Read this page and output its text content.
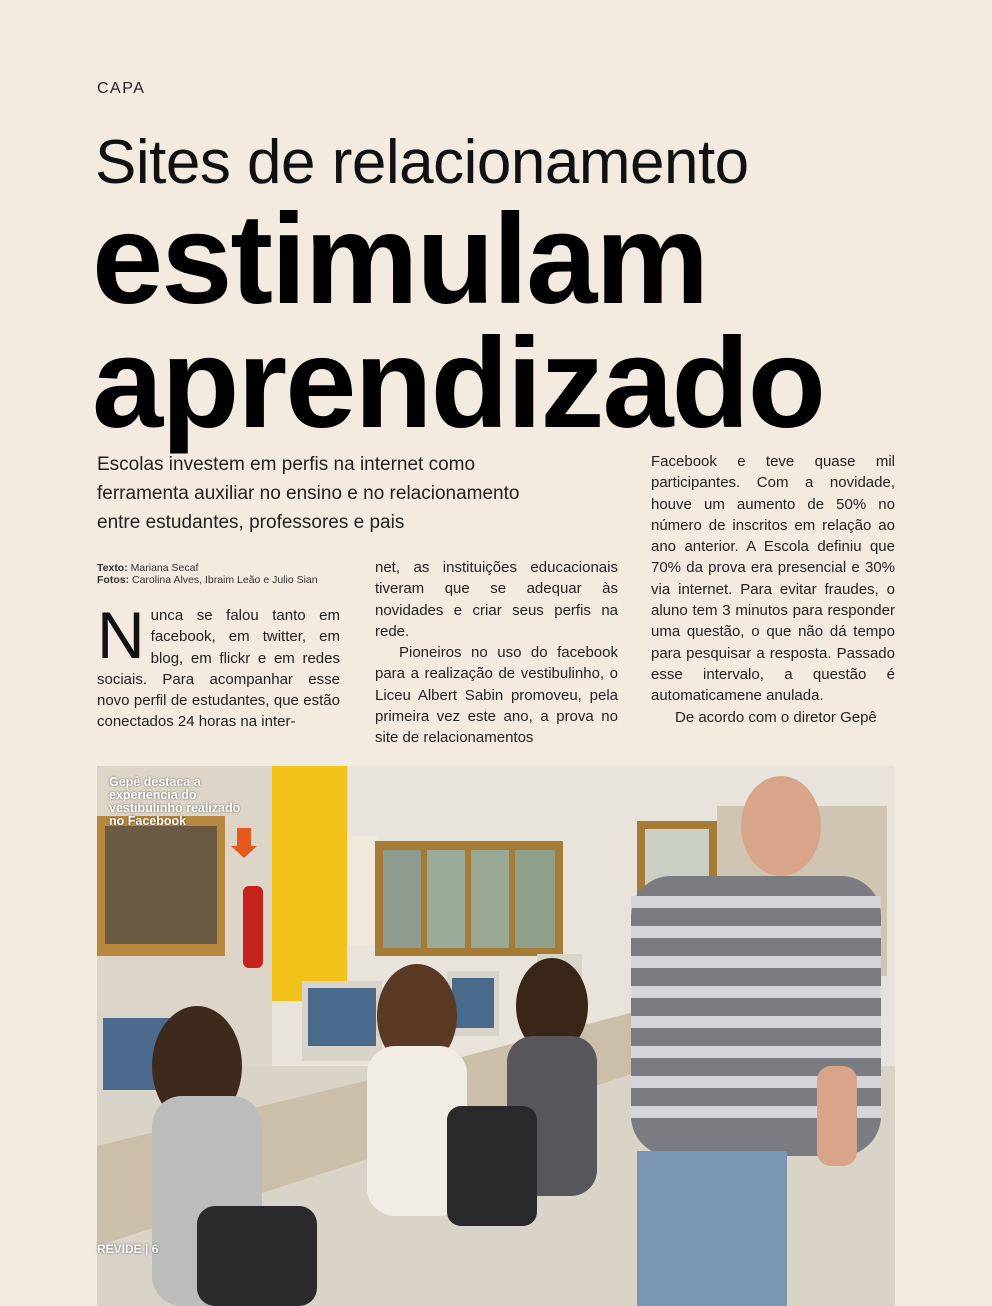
CAPA
Sites de relacionamento
estimulam
aprendizado
Escolas investem em perfis na internet como ferramenta auxiliar no ensino e no relacionamento entre estudantes, professores e pais
Texto: Mariana Secaf
Fotos: Carolina Alves, Ibraim Leão e Julio Sian
N unca se falou tanto em facebook, em twitter, em blog, em flickr e em redes sociais. Para acompanhar esse novo perfil de estudantes, que estão conectados 24 horas na inter-

net, as instituições educacionais tiveram que se adequar às novidades e criar seus perfis na rede.

Pioneiros no uso do facebook para a realização de vestibulinho, o Liceu Albert Sabin promoveu, pela primeira vez este ano, a prova no site de relacionamentos

Facebook e teve quase mil participantes. Com a novidade, houve um aumento de 50% no número de inscritos em relação ao ano anterior. A Escola definiu que 70% da prova era presencial e 30% via internet. Para evitar fraudes, o aluno tem 3 minutos para responder uma questão, o que não dá tempo para pesquisar a resposta. Passado esse intervalo, a questão é automaticamene anulada.

De acordo com o diretor Gepê

Gepê destaca a experiência do vestibulinho realizado no Facebook
REVIDE | 6
